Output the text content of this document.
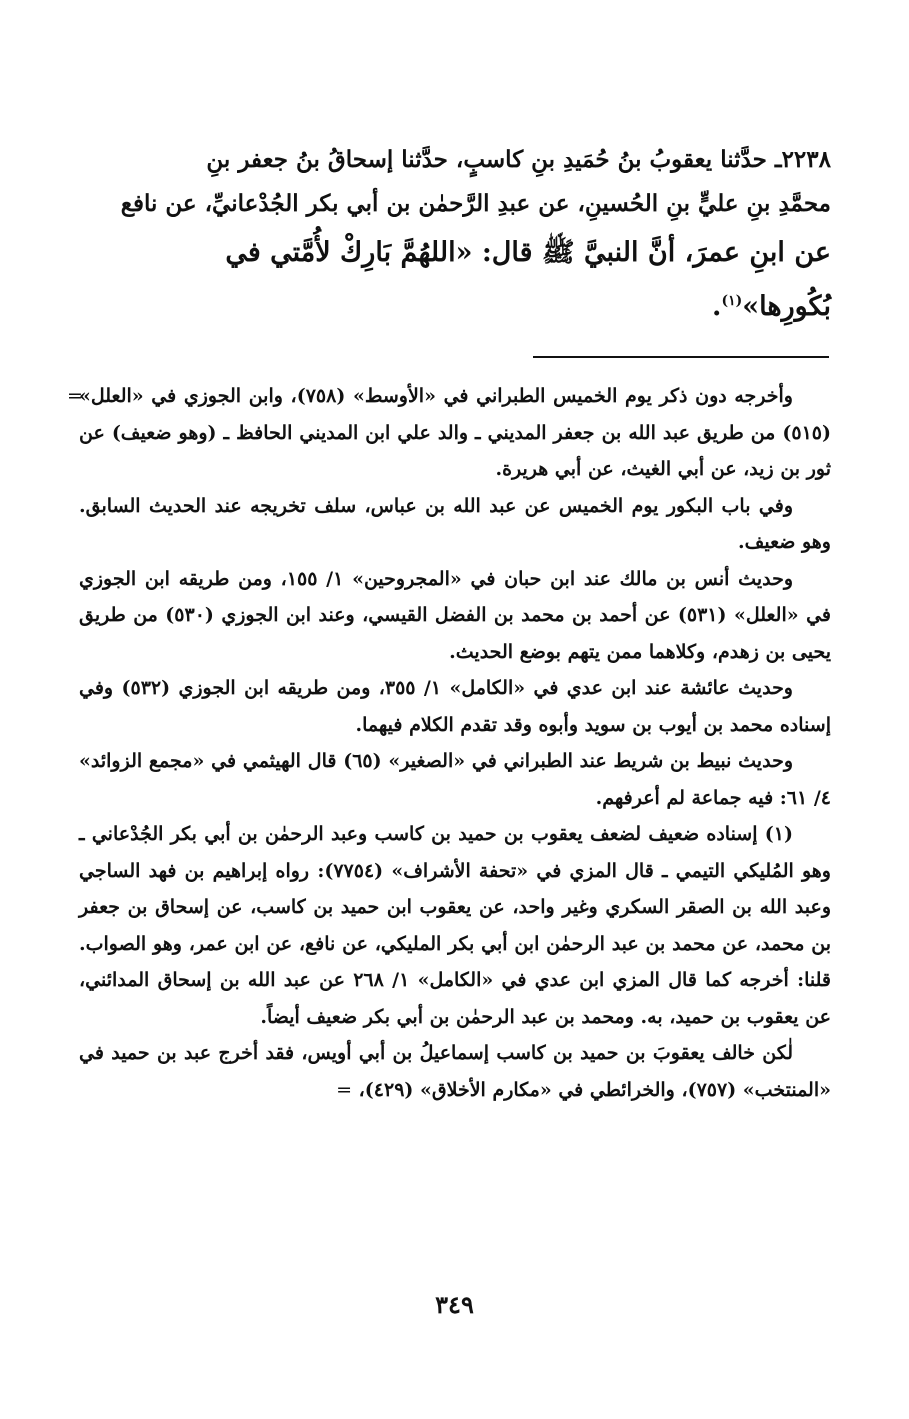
٢٢٣٨ـ حدَّثنا يعقوبُ بنُ حُمَيدِ بنِ كاسبٍ، حدَّثنا إسحاقُ بنُ جعفر بنِ
محمَّدِ بنِ عليٍّ بنِ الحُسينِ، عن عبدِ الرَّحمٰن بن أبي بكر الجُدْعانيِّ، عن نافع
عن ابنِ عمرَ، أنَّ النبيَّ ﷺ قال: «اللهُمَّ بَارِكْ لأُمَّتي في
بُكُورِها»$^{(١)}$.

=
وأخرجه دون ذكر يوم الخميس الطبراني في «الأوسط» (٧٥٨)، وابن الجوزي في «العلل» (٥١٥) من طريق عبد الله بن جعفر المديني ـ والد علي ابن المديني الحافظ ـ (وهو ضعيف) عن ثور بن زيد، عن أبي الغيث، عن أبي هريرة.

وفي باب البكور يوم الخميس عن عبد الله بن عباس، سلف تخريجه عند الحديث السابق. وهو ضعيف.

وحديث أنس بن مالك عند ابن حبان في «المجروحين» ١/ ١٥٥، ومن طريقه ابن الجوزي في «العلل» (٥٣١) عن أحمد بن محمد بن الفضل القيسي، وعند ابن الجوزي (٥٣٠) من طريق يحيى بن زهدم، وكلاهما ممن يتهم بوضع الحديث.

وحديث عائشة عند ابن عدي في «الكامل» ١/ ٣٥٥، ومن طريقه ابن الجوزي (٥٣٢) وفي إسناده محمد بن أيوب بن سويد وأبوه وقد تقدم الكلام فيهما.

وحديث نبيط بن شريط عند الطبراني في «الصغير» (٦٥) قال الهيثمي في «مجمع الزوائد» ٤/ ٦١: فيه جماعة لم أعرفهم.

(١) إسناده ضعيف لضعف يعقوب بن حميد بن كاسب وعبد الرحمٰن بن أبي بكر الجُدْعاني ـ وهو المُليكي التيمي ـ قال المزي في «تحفة الأشراف» (٧٧٥٤): رواه إبراهيم بن فهد الساجي وعبد الله بن الصقر السكري وغير واحد، عن يعقوب ابن حميد بن كاسب، عن إسحاق بن جعفر بن محمد، عن محمد بن عبد الرحمٰن ابن أبي بكر المليكي، عن نافع، عن ابن عمر، وهو الصواب. قلنا: أخرجه كما قال المزي ابن عدي في «الكامل» ١/ ٢٦٨ عن عبد الله بن إسحاق المدائني، عن يعقوب بن حميد، به. ومحمد بن عبد الرحمٰن بن أبي بكر ضعيف أيضاً.

لٰكن خالف يعقوبَ بن حميد بن كاسب إسماعيلُ بن أبي أويس، فقد أخرج عبد بن حميد في «المنتخب» (٧٥٧)، والخرائطي في «مكارم الأخلاق» (٤٢٩)، =

٣٤٩
